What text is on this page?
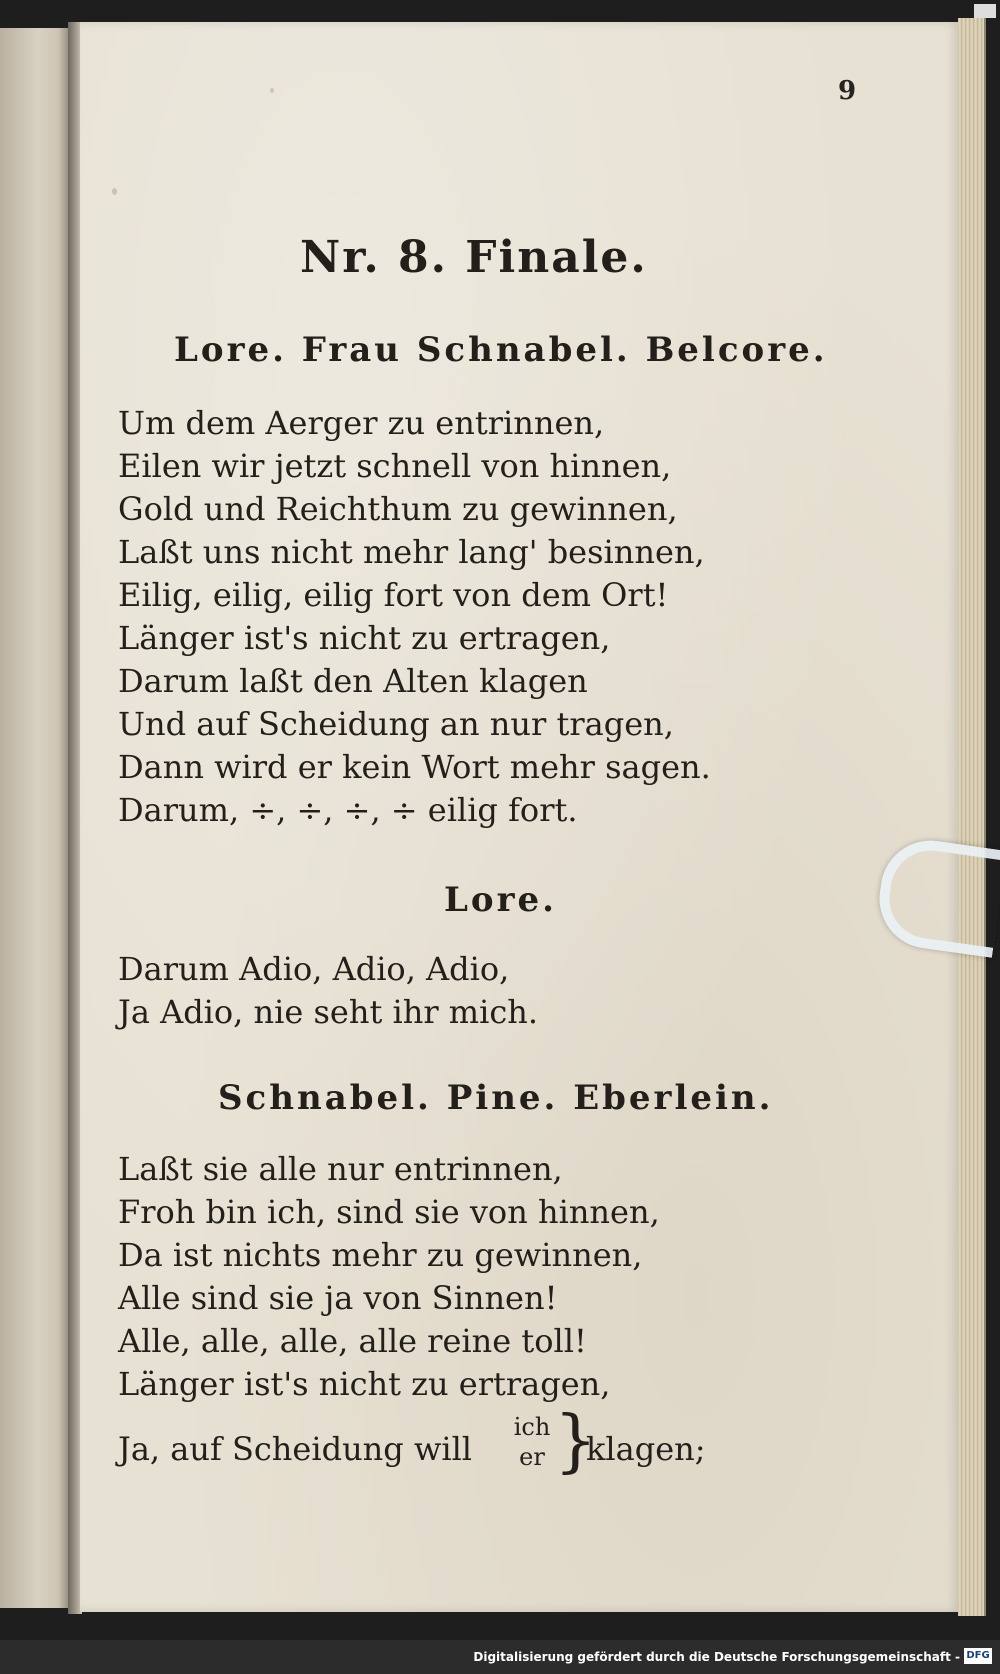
9
Nr. 8. Finale.
Lore. Frau Schnabel. Belcore.
Um dem Aerger zu entrinnen,
Eilen wir jetzt schnell von hinnen,
Gold und Reichthum zu gewinnen,
Laßt uns nicht mehr lang' besinnen,
Eilig, eilig, eilig fort von dem Ort!
Länger ist's nicht zu ertragen,
Darum laßt den Alten klagen
Und auf Scheidung an nur tragen,
Dann wird er kein Wort mehr sagen.
Darum, ÷, ÷, ÷, ÷ eilig fort.
Lore.
Darum Adio, Adio, Adio,
Ja Adio, nie seht ihr mich.
Schnabel. Pine. Eberlein.
Laßt sie alle nur entrinnen,
Froh bin ich, sind sie von hinnen,
Da ist nichts mehr zu gewinnen,
Alle sind sie ja von Sinnen!
Alle, alle, alle, alle reine toll!
Länger ist's nicht zu ertragen,
Ja, auf Scheidung will
ich
er }
klagen;
Digitalisierung gefördert durch die Deutsche Forschungsgemeinschaft - DFG
